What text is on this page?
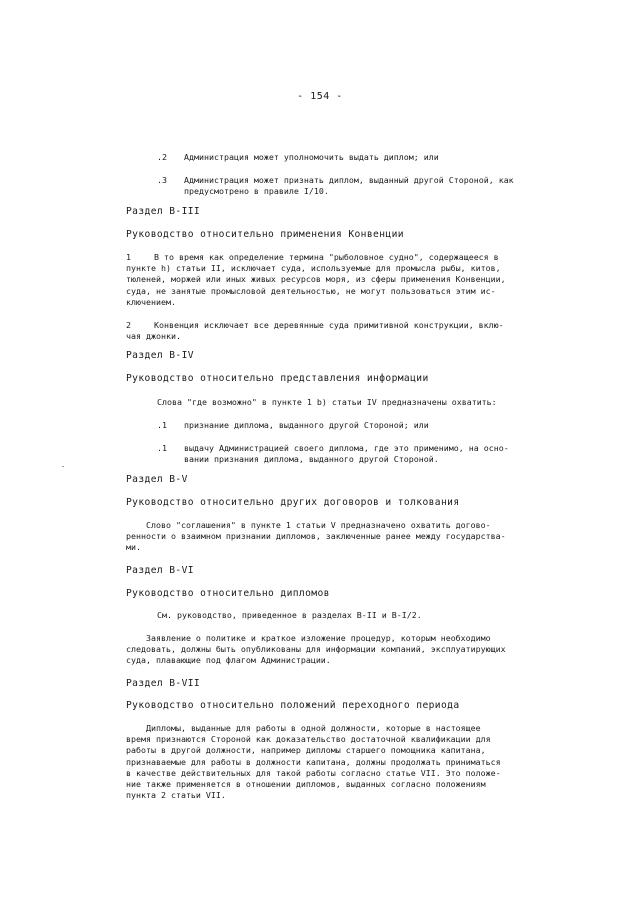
- 154 -
.2 Администрация может уполномочить выдать диплом; или
.3 Администрация может признать диплом, выданный другой Стороной, как
предусмотрено в правиле I/10.
Раздел B-III
Руководство относительно применения Конвенции
1	В то время как определение термина "рыболовное судно", содержащееся в
пункте h) статьи II, исключает суда, используемые для промысла рыбы, китов,
тюленей, моржей или иных живых ресурсов моря, из сферы применения Конвенции,
суда, не занятые промысловой деятельностью, не могут пользоваться этим ис-
ключением.
2	Конвенция исключает все деревянные суда примитивной конструкции, вклю-
чая джонки.
Раздел B-IV
Руководство относительно представления информации
Слова "где возможно" в пункте 1 b) статьи IV предназначены охватить:
.1 признание диплома, выданного другой Стороной; или
.1 выдачу Администрацией своего диплома, где это применимо, на осно-
вании признания диплома, выданного другой Стороной.
Раздел B-V
Руководство относительно других договоров и толкования
Слово "соглашения" в пункте 1 статьи V предназначено охватить догово-
ренности о взаимном признании дипломов, заключенные ранее между государства-
ми.
Раздел B-VI
Руководство относительно дипломов
См. руководство, приведенное в разделах B-II и B-I/2.
Заявление о политике и краткое изложение процедур, которым необходимо
следовать, должны быть опубликованы для информации компаний, эксплуатирующих
суда, плавающие под флагом Администрации.
Раздел B-VII
Руководство относительно положений переходного периода
Дипломы, выданные для работы в одной должности, которые в настоящее
время признаются Стороной как доказательство достаточной квалификации для
работы в другой должности, например дипломы старшего помощника капитана,
признаваемые для работы в должности капитана, должны продолжать приниматься
в качестве действительных для такой работы согласно статье VII. Это положе-
ние также применяется в отношении дипломов, выданных согласно положениям
пункта 2 статьи VII.
